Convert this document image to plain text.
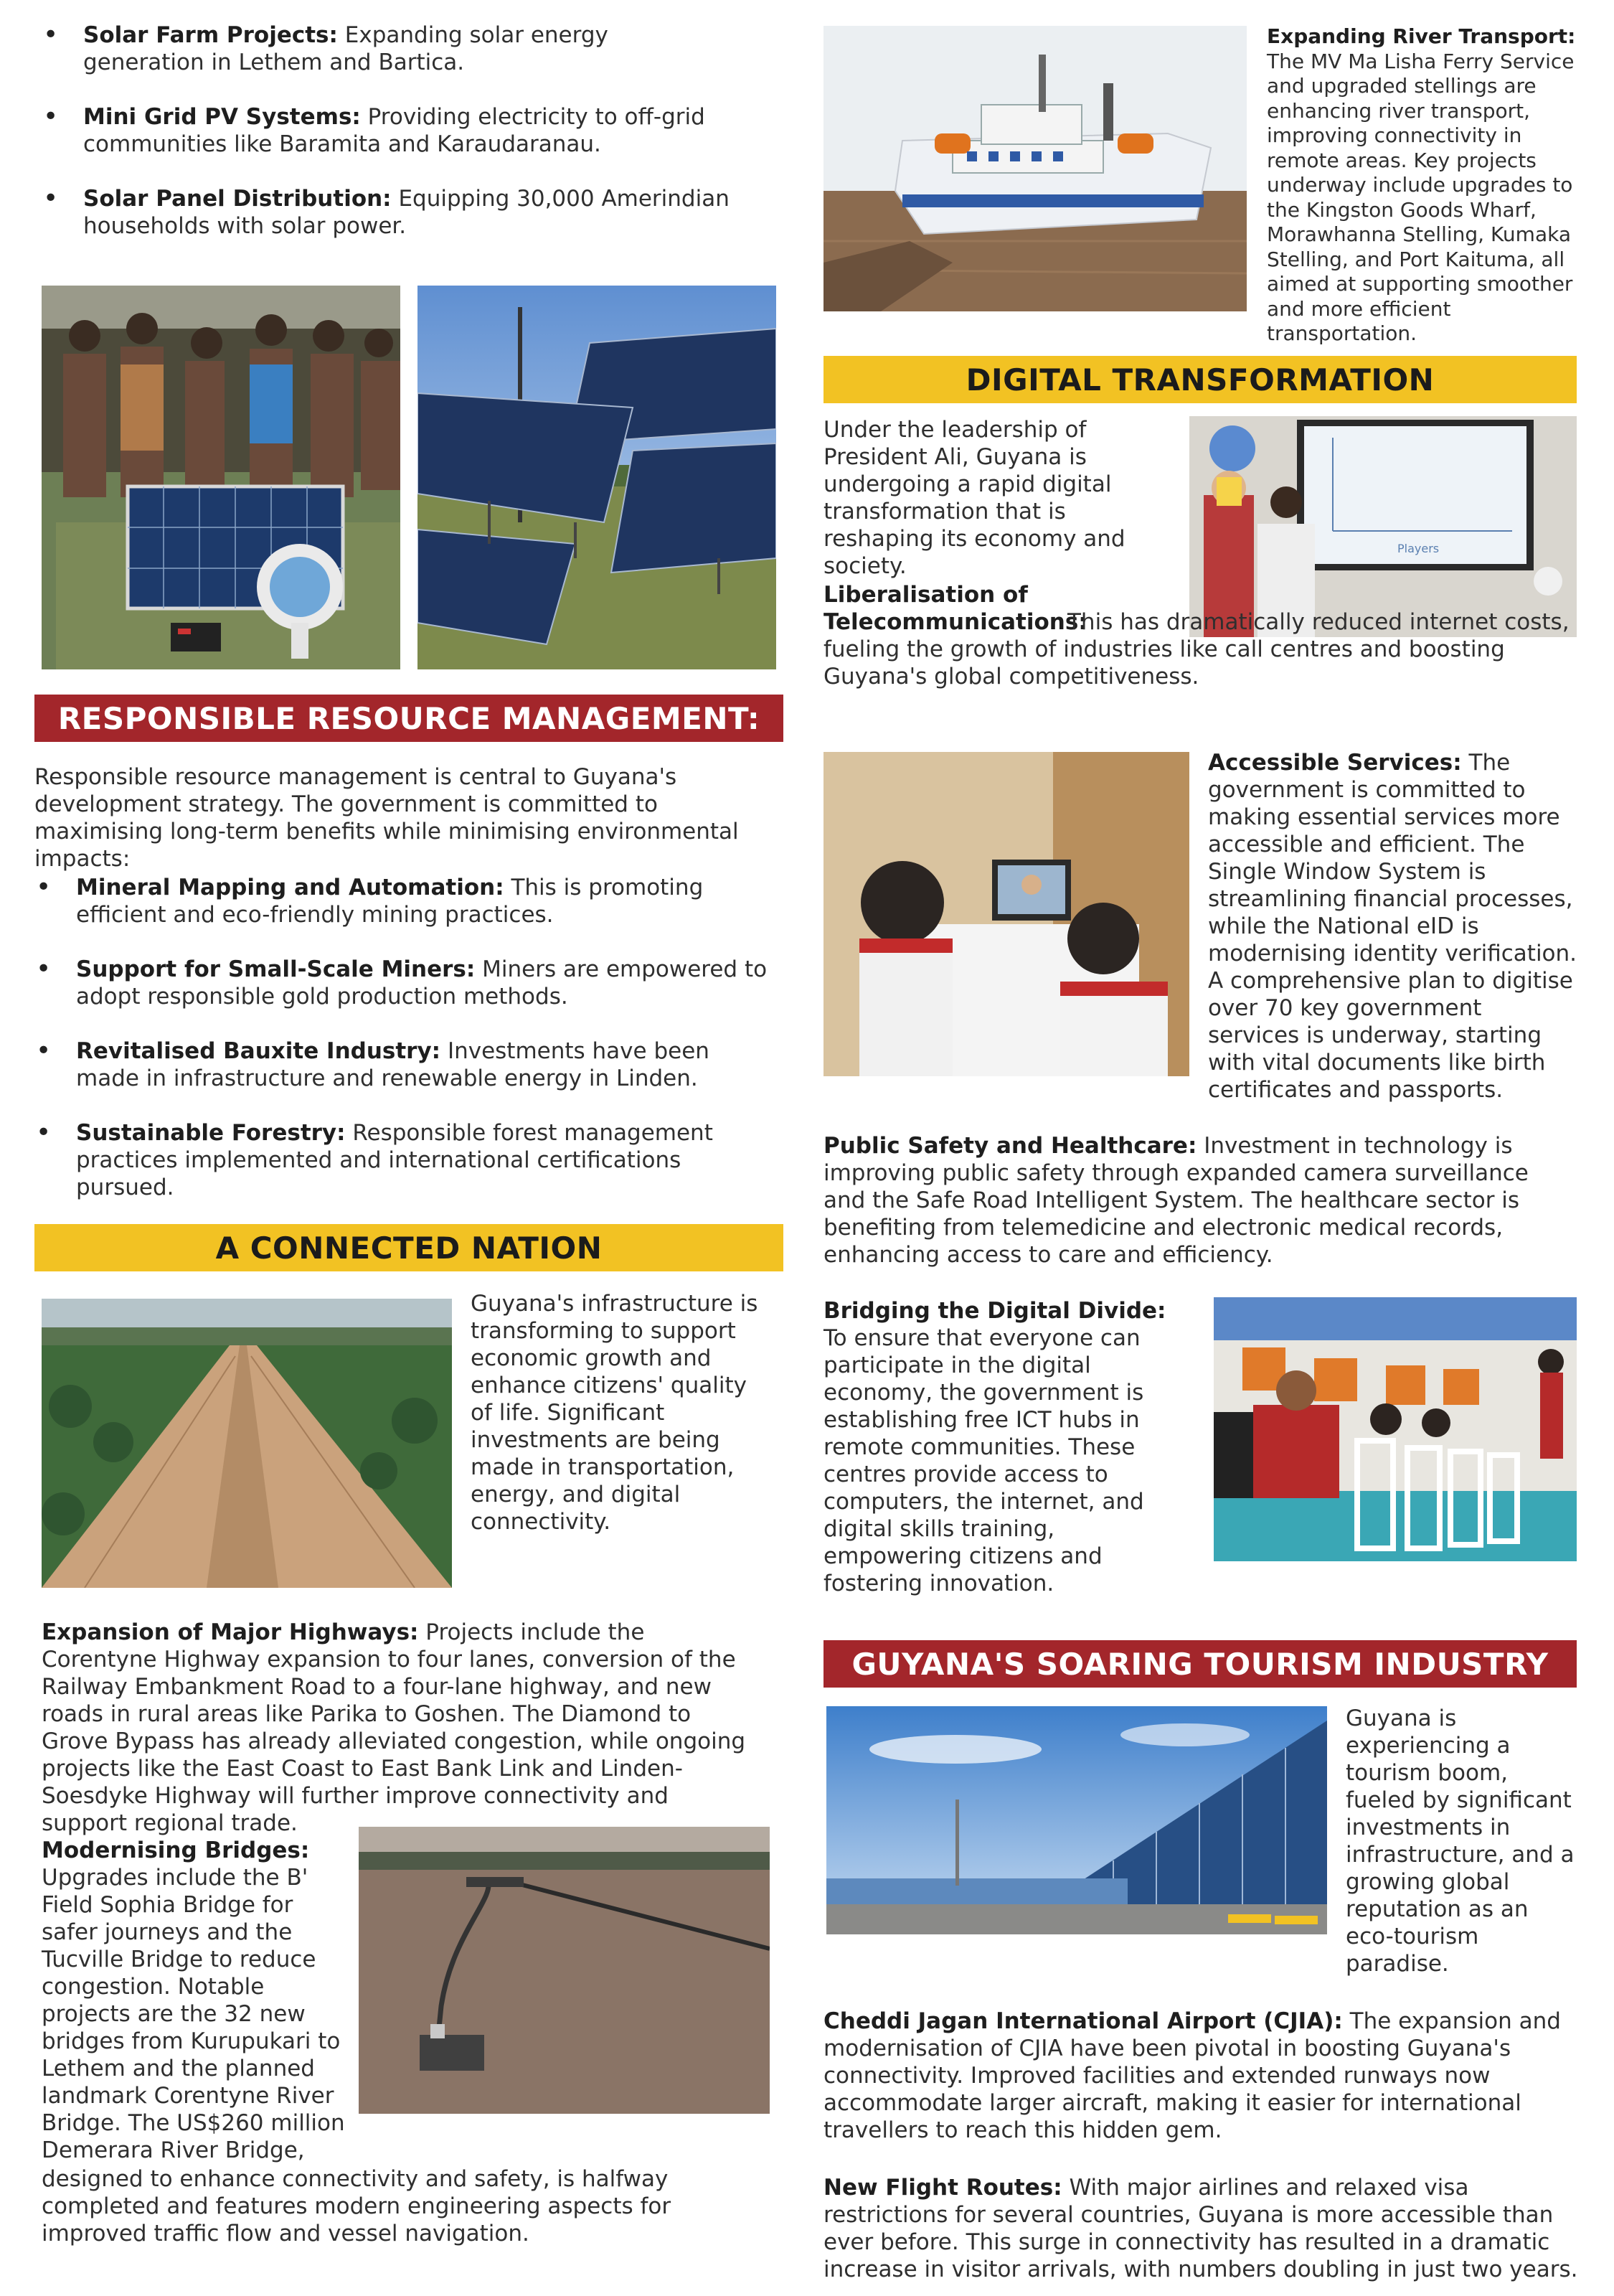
• Solar Farm Projects: Expanding solar energy generation in Lethem and Bartica.
• Mini Grid PV Systems: Providing electricity to off-grid communities like Baramita and Karaudaranau.
• Solar Panel Distribution: Equipping 30,000 Amerindian households with solar power.
RESPONSIBLE RESOURCE MANAGEMENT:
Responsible resource management is central to Guyana's development strategy. The government is committed to maximising long-term benefits while minimising environmental impacts:
• Mineral Mapping and Automation: This is promoting efficient and eco-friendly mining practices.
• Support for Small-Scale Miners: Miners are empowered to adopt responsible gold production methods.
• Revitalised Bauxite Industry: Investments have been made in infrastructure and renewable energy in Linden.
• Sustainable Forestry: Responsible forest management practices implemented and international certifications pursued.
A CONNECTED NATION
Guyana's infrastructure is transforming to support economic growth and enhance citizens' quality of life. Significant investments are being made in transportation, energy, and digital connectivity.
Expansion of Major Highways: Projects include the Corentyne Highway expansion to four lanes, conversion of the Railway Embankment Road to a four-lane highway, and new roads in rural areas like Parika to Goshen. The Diamond to Grove Bypass has already alleviated congestion, while ongoing projects like the East Coast to East Bank Link and Linden-Soesdyke Highway will further improve connectivity and support regional trade.
Modernising Bridges:
Upgrades include the B' Field Sophia Bridge for safer journeys and the Tucville Bridge to reduce congestion. Notable projects are the 32 new bridges from Kurupukari to Lethem and the planned landmark Corentyne River Bridge. The US$260 million Demerara River Bridge,
designed to enhance connectivity and safety, is halfway completed and features modern engineering aspects for improved traffic flow and vessel navigation.
Expanding River Transport:
The MV Ma Lisha Ferry Service and upgraded stellings are enhancing river transport, improving connectivity in remote areas. Key projects underway include upgrades to the Kingston Goods Wharf, Morawhanna Stelling, Kumaka Stelling, and Port Kaituma, all aimed at supporting smoother and more efficient transportation.
DIGITAL TRANSFORMATION
Under the leadership of President Ali, Guyana is undergoing a rapid digital transformation that is reshaping its economy and society.
Players
Liberalisation of Telecommunications:
This has dramatically reduced internet costs, fueling the growth of industries like call centres and boosting Guyana's global competitiveness.
Accessible Services: The government is committed to making essential services more accessible and efficient. The Single Window System is streamlining financial processes, while the National eID is modernising identity verification. A comprehensive plan to digitise over 70 key government services is underway, starting with vital documents like birth certificates and passports.
Public Safety and Healthcare: Investment in technology is improving public safety through expanded camera surveillance and the Safe Road Intelligent System. The healthcare sector is benefiting from telemedicine and electronic medical records, enhancing access to care and efficiency.
Bridging the Digital Divide:
To ensure that everyone can participate in the digital economy, the government is establishing free ICT hubs in remote communities. These centres provide access to computers, the internet, and digital skills training, empowering citizens and fostering innovation.
GUYANA'S SOARING TOURISM INDUSTRY
Guyana is experiencing a tourism boom, fueled by significant investments in infrastructure, and a growing global reputation as an eco-tourism paradise.
Cheddi Jagan International Airport (CJIA): The expansion and modernisation of CJIA have been pivotal in boosting Guyana's connectivity. Improved facilities and extended runways now accommodate larger aircraft, making it easier for international travellers to reach this hidden gem.
New Flight Routes: With major airlines and relaxed visa restrictions for several countries, Guyana is more accessible than ever before. This surge in connectivity has resulted in a dramatic increase in visitor arrivals, with numbers doubling in just two years.
